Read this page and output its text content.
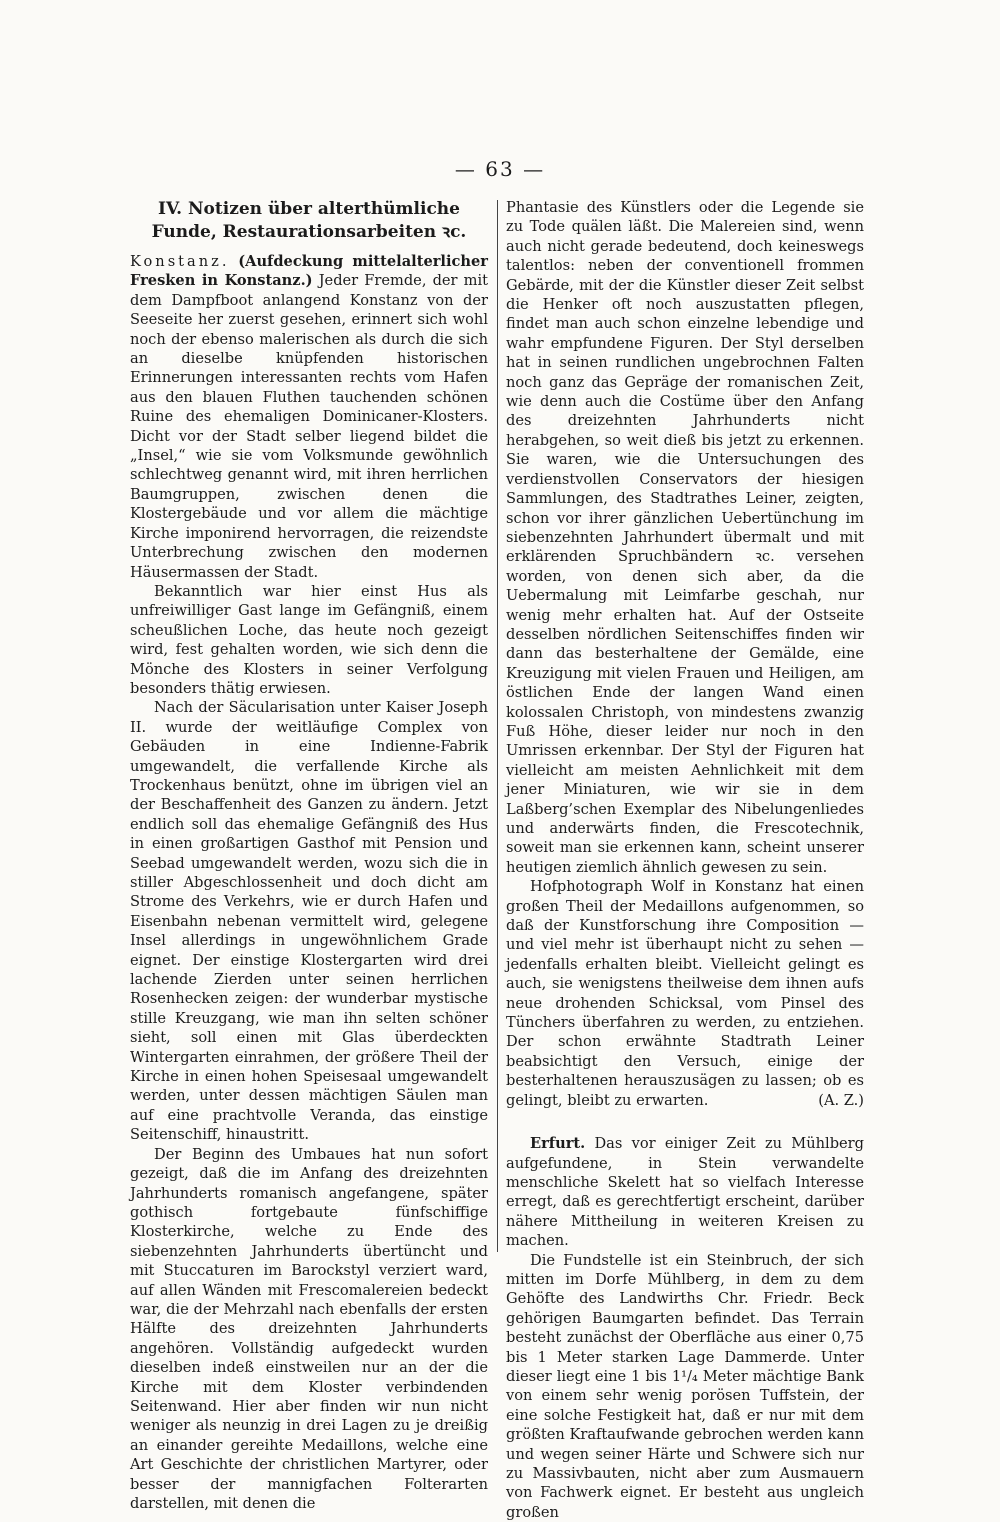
— 63 —
IV. Notizen über alterthümliche Funde, Restaurationsarbeiten ꝛc.

Konstanz. (Aufdeckung mittelalterlicher Fresken in Konstanz.) Jeder Fremde, der mit dem Dampfboot anlangend Konstanz von der Seeseite her zuerst gesehen, erinnert sich wohl noch der ebenso malerischen als durch die sich an dieselbe knüpfenden historischen Erinnerungen interessanten rechts vom Hafen aus den blauen Fluthen tauchenden schönen Ruine des ehemaligen Dominicaner-Klosters. Dicht vor der Stadt selber liegend bildet die „Insel,“ wie sie vom Volksmunde gewöhnlich schlechtweg genannt wird, mit ihren herrlichen Baumgruppen, zwischen denen die Klostergebäude und vor allem die mächtige Kirche imponirend hervorragen, die reizendste Unterbrechung zwischen den modernen Häusermassen der Stadt.

Bekanntlich war hier einst Hus als unfreiwilliger Gast lange im Gefängniß, einem scheußlichen Loche, das heute noch gezeigt wird, fest gehalten worden, wie sich denn die Mönche des Klosters in seiner Verfolgung besonders thätig erwiesen.

Nach der Säcularisation unter Kaiser Joseph II. wurde der weitläufige Complex von Gebäuden in eine Indienne-Fabrik umgewandelt, die verfallende Kirche als Trockenhaus benützt, ohne im übrigen viel an der Beschaffenheit des Ganzen zu ändern. Jetzt endlich soll das ehemalige Gefängniß des Hus in einen großartigen Gasthof mit Pension und Seebad umgewandelt werden, wozu sich die in stiller Abgeschlossenheit und doch dicht am Strome des Verkehrs, wie er durch Hafen und Eisenbahn nebenan vermittelt wird, gelegene Insel allerdings in ungewöhnlichem Grade eignet. Der einstige Klostergarten wird drei lachende Zierden unter seinen herrlichen Rosenhecken zeigen: der wunderbar mystische stille Kreuzgang, wie man ihn selten schöner sieht, soll einen mit Glas überdeckten Wintergarten einrahmen, der größere Theil der Kirche in einen hohen Speisesaal umgewandelt werden, unter dessen mächtigen Säulen man auf eine prachtvolle Veranda, das einstige Seitenschiff, hinaustritt.

Der Beginn des Umbaues hat nun sofort gezeigt, daß die im Anfang des dreizehnten Jahrhunderts romanisch angefangene, später gothisch fortgebaute fünfschiffige Klosterkirche, welche zu Ende des siebenzehnten Jahrhunderts übertüncht und mit Stuccaturen im Barockstyl verziert ward, auf allen Wänden mit Frescomalereien bedeckt war, die der Mehrzahl nach ebenfalls der ersten Hälfte des dreizehnten Jahrhunderts angehören. Vollständig aufgedeckt wurden dieselben indeß einstweilen nur an der die Kirche mit dem Kloster verbindenden Seitenwand. Hier aber finden wir nun nicht weniger als neunzig in drei Lagen zu je dreißig an einander gereihte Medaillons, welche eine Art Geschichte der christlichen Martyrer, oder besser der mannigfachen Folterarten darstellen, mit denen die

Phantasie des Künstlers oder die Legende sie zu Tode quälen läßt. Die Malereien sind, wenn auch nicht gerade bedeutend, doch keineswegs talentlos: neben der conventionell frommen Gebärde, mit der die Künstler dieser Zeit selbst die Henker oft noch auszustatten pflegen, findet man auch schon einzelne lebendige und wahr empfundene Figuren. Der Styl derselben hat in seinen rundlichen ungebrochnen Falten noch ganz das Gepräge der romanischen Zeit, wie denn auch die Costüme über den Anfang des dreizehnten Jahrhunderts nicht herabgehen, so weit dieß bis jetzt zu erkennen. Sie waren, wie die Untersuchungen des verdienstvollen Conservators der hiesigen Sammlungen, des Stadtrathes Leiner, zeigten, schon vor ihrer gänzlichen Uebertünchung im siebenzehnten Jahrhundert übermalt und mit erklärenden Spruchbändern ꝛc. versehen worden, von denen sich aber, da die Uebermalung mit Leimfarbe geschah, nur wenig mehr erhalten hat. Auf der Ostseite desselben nördlichen Seitenschiffes finden wir dann das besterhaltene der Gemälde, eine Kreuzigung mit vielen Frauen und Heiligen, am östlichen Ende der langen Wand einen kolossalen Christoph, von mindestens zwanzig Fuß Höhe, dieser leider nur noch in den Umrissen erkennbar. Der Styl der Figuren hat vielleicht am meisten Aehnlichkeit mit dem jener Miniaturen, wie wir sie in dem Laßberg’schen Exemplar des Nibelungenliedes und anderwärts finden, die Frescotechnik, soweit man sie erkennen kann, scheint unserer heutigen ziemlich ähnlich gewesen zu sein.

Hofphotograph Wolf in Konstanz hat einen großen Theil der Medaillons aufgenommen, so daß der Kunstforschung ihre Composition — und viel mehr ist überhaupt nicht zu sehen — jedenfalls erhalten bleibt. Vielleicht gelingt es auch, sie wenigstens theilweise dem ihnen aufs neue drohenden Schicksal, vom Pinsel des Tünchers überfahren zu werden, zu entziehen. Der schon erwähnte Stadtrath Leiner beabsichtigt den Versuch, einige der besterhaltenen herauszusägen zu lassen; ob es gelingt, bleibt zu erwarten.	(A. Z.)

Erfurt. Das vor einiger Zeit zu Mühlberg aufgefundene, in Stein verwandelte menschliche Skelett hat so vielfach Interesse erregt, daß es gerechtfertigt erscheint, darüber nähere Mittheilung in weiteren Kreisen zu machen.

Die Fundstelle ist ein Steinbruch, der sich mitten im Dorfe Mühlberg, in dem zu dem Gehöfte des Landwirths Chr. Friedr. Beck gehörigen Baumgarten befindet. Das Terrain besteht zunächst der Oberfläche aus einer 0,75 bis 1 Meter starken Lage Dammerde. Unter dieser liegt eine 1 bis 1¹/₄ Meter mächtige Bank von einem sehr wenig porösen Tuffstein, der eine solche Festigkeit hat, daß er nur mit dem größten Kraftaufwande gebrochen werden kann und wegen seiner Härte und Schwere sich nur zu Massivbauten, nicht aber zum Ausmauern von Fachwerk eignet. Er besteht aus ungleich großen
